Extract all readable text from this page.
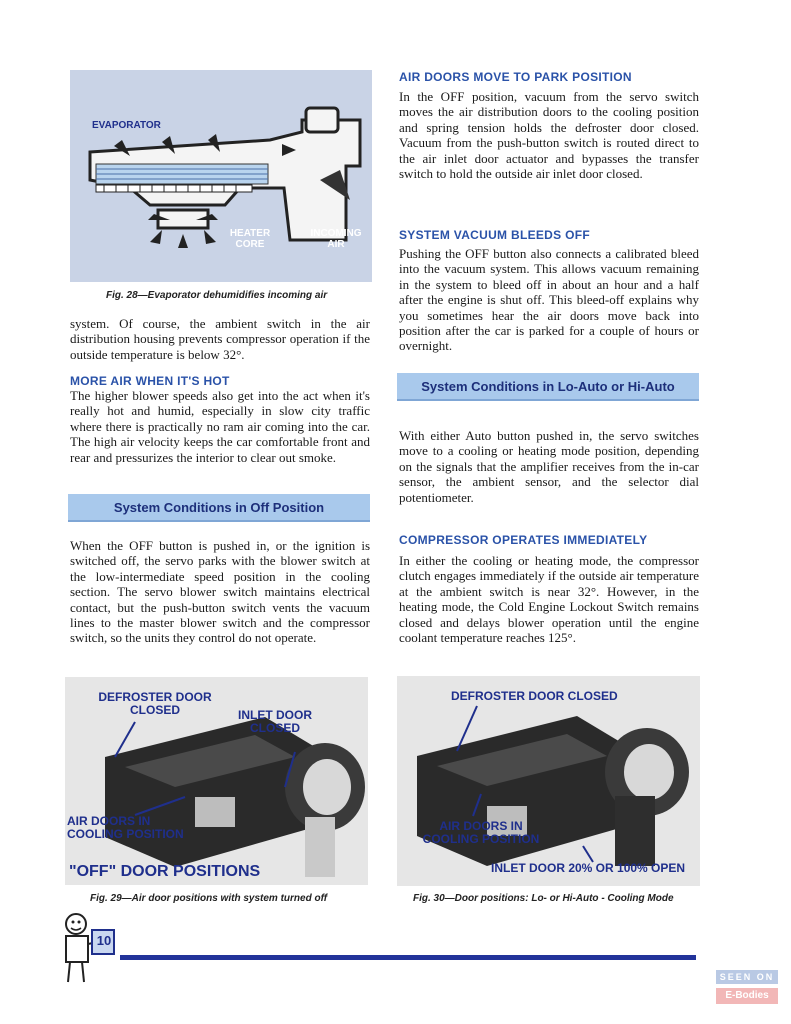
EVAPORATOR
HEATER
CORE
INCOMING
AIR
Fig. 28—Evaporator dehumidifies incoming air
system. Of course, the ambient switch in the air distribution housing prevents compressor operation if the outside temperature is below 32°.
MORE AIR WHEN IT'S HOT
The higher blower speeds also get into the act when it's really hot and humid, especially in slow city traffic where there is practically no ram air coming into the car. The high air velocity keeps the car comfortable front and rear and pressurizes the interior to clear out smoke.
System Conditions in Off Position
When the OFF button is pushed in, or the ignition is switched off, the servo parks with the blower switch at the low-intermediate speed position in the cooling section. The servo blower switch maintains electrical contact, but the push-button switch vents the vacuum lines to the master blower switch and the compressor switch, so the units they control do not operate.
AIR DOORS MOVE TO PARK POSITION
In the OFF position, vacuum from the servo switch moves the air distribution doors to the cooling position and spring tension holds the defroster door closed. Vacuum from the push-button switch is routed direct to the air inlet door actuator and bypasses the transfer switch to hold the outside air inlet door closed.
SYSTEM VACUUM BLEEDS OFF
Pushing the OFF button also connects a calibrated bleed into the vacuum system. This allows vacuum remaining in the system to bleed off in about an hour and a half after the engine is shut off. This bleed-off explains why you sometimes hear the air doors move back into position after the car is parked for a couple of hours or overnight.
System Conditions in Lo-Auto or Hi-Auto
With either Auto button pushed in, the servo switches move to a cooling or heating mode position, depending on the signals that the amplifier receives from the in-car sensor, the ambient sensor, and the selector dial potentiometer.
COMPRESSOR OPERATES IMMEDIATELY
In either the cooling or heating mode, the compressor clutch engages immediately if the outside air temperature at the ambient switch is near 32°. However, in the heating mode, the Cold Engine Lockout Switch remains closed and delays blower operation until the engine coolant temperature reaches 125°.
DEFROSTER DOOR
CLOSED	INLET DOOR
CLOSED
AIR DOORS IN
COOLING POSITION
"OFF" DOOR POSITIONS
Fig. 29—Air door positions with system turned off
DEFROSTER DOOR CLOSED
AIR DOORS IN
COOLING POSITION
INLET DOOR 20% OR 100% OPEN
Fig. 30—Door positions: Lo- or Hi-Auto - Cooling Mode
10
SEEN ON
E-Bodies
